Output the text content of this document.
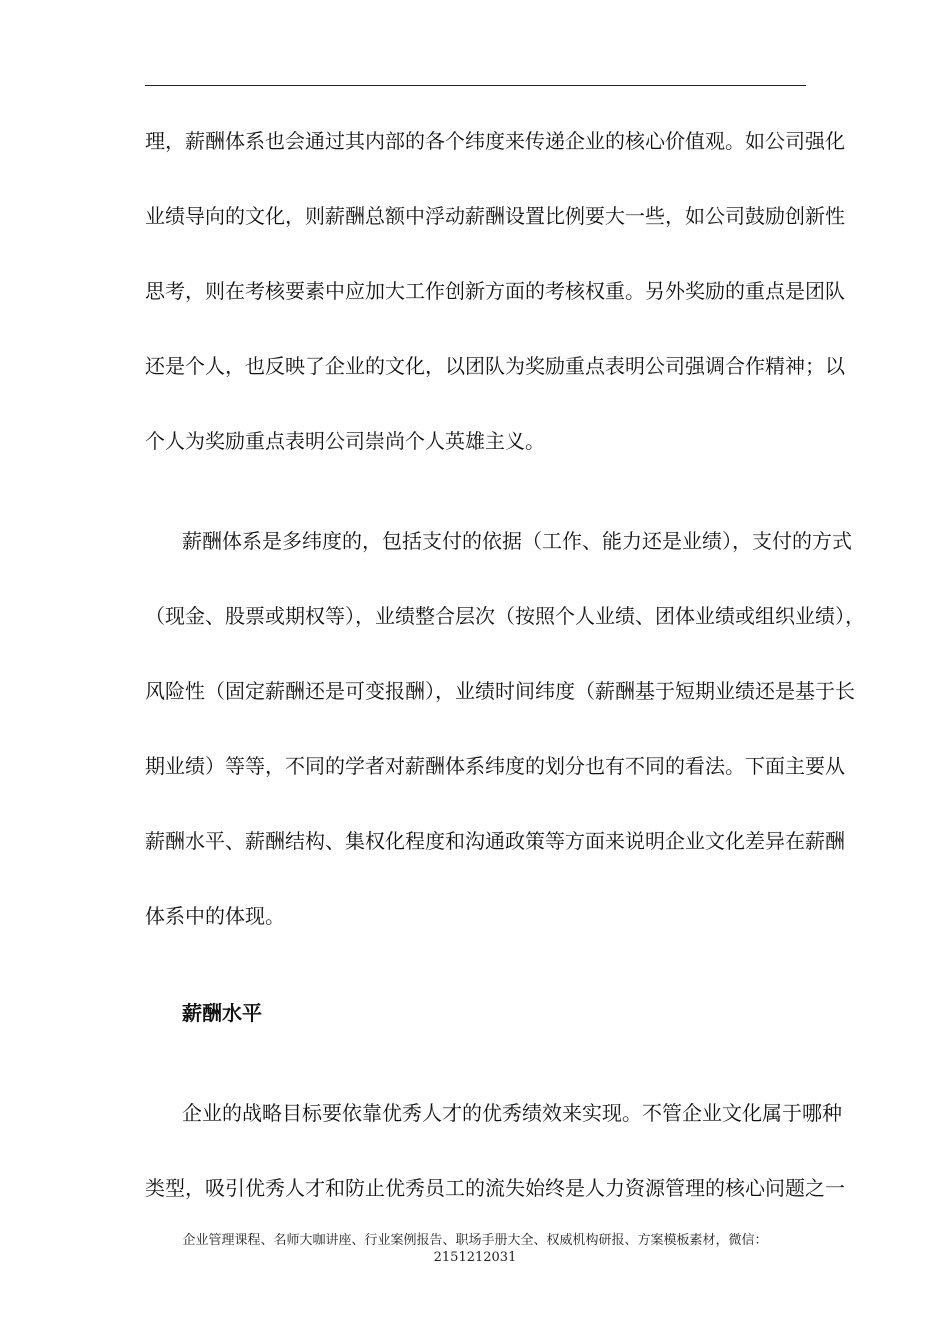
理，薪酬体系也会通过其内部的各个纬度来传递企业的核心价值观。如公司强化
业绩导向的文化，则薪酬总额中浮动薪酬设置比例要大一些，如公司鼓励创新性
思考，则在考核要素中应加大工作创新方面的考核权重。另外奖励的重点是团队
还是个人，也反映了企业的文化，以团队为奖励重点表明公司强调合作精神；以
个人为奖励重点表明公司崇尚个人英雄主义。
薪酬体系是多纬度的，包括支付的依据（工作、能力还是业绩），支付的方式
（现金、股票或期权等），业绩整合层次（按照个人业绩、团体业绩或组织业绩），
风险性（固定薪酬还是可变报酬），业绩时间纬度（薪酬基于短期业绩还是基于长
期业绩）等等，不同的学者对薪酬体系纬度的划分也有不同的看法。下面主要从
薪酬水平、薪酬结构、集权化程度和沟通政策等方面来说明企业文化差异在薪酬
体系中的体现。
薪酬水平
企业的战略目标要依靠优秀人才的优秀绩效来实现。不管企业文化属于哪种
类型，吸引优秀人才和防止优秀员工的流失始终是人力资源管理的核心问题之一
企业管理课程、名师大咖讲座、行业案例报告、职场手册大全、权威机构研报、方案模板素材，微信：
2151212031
